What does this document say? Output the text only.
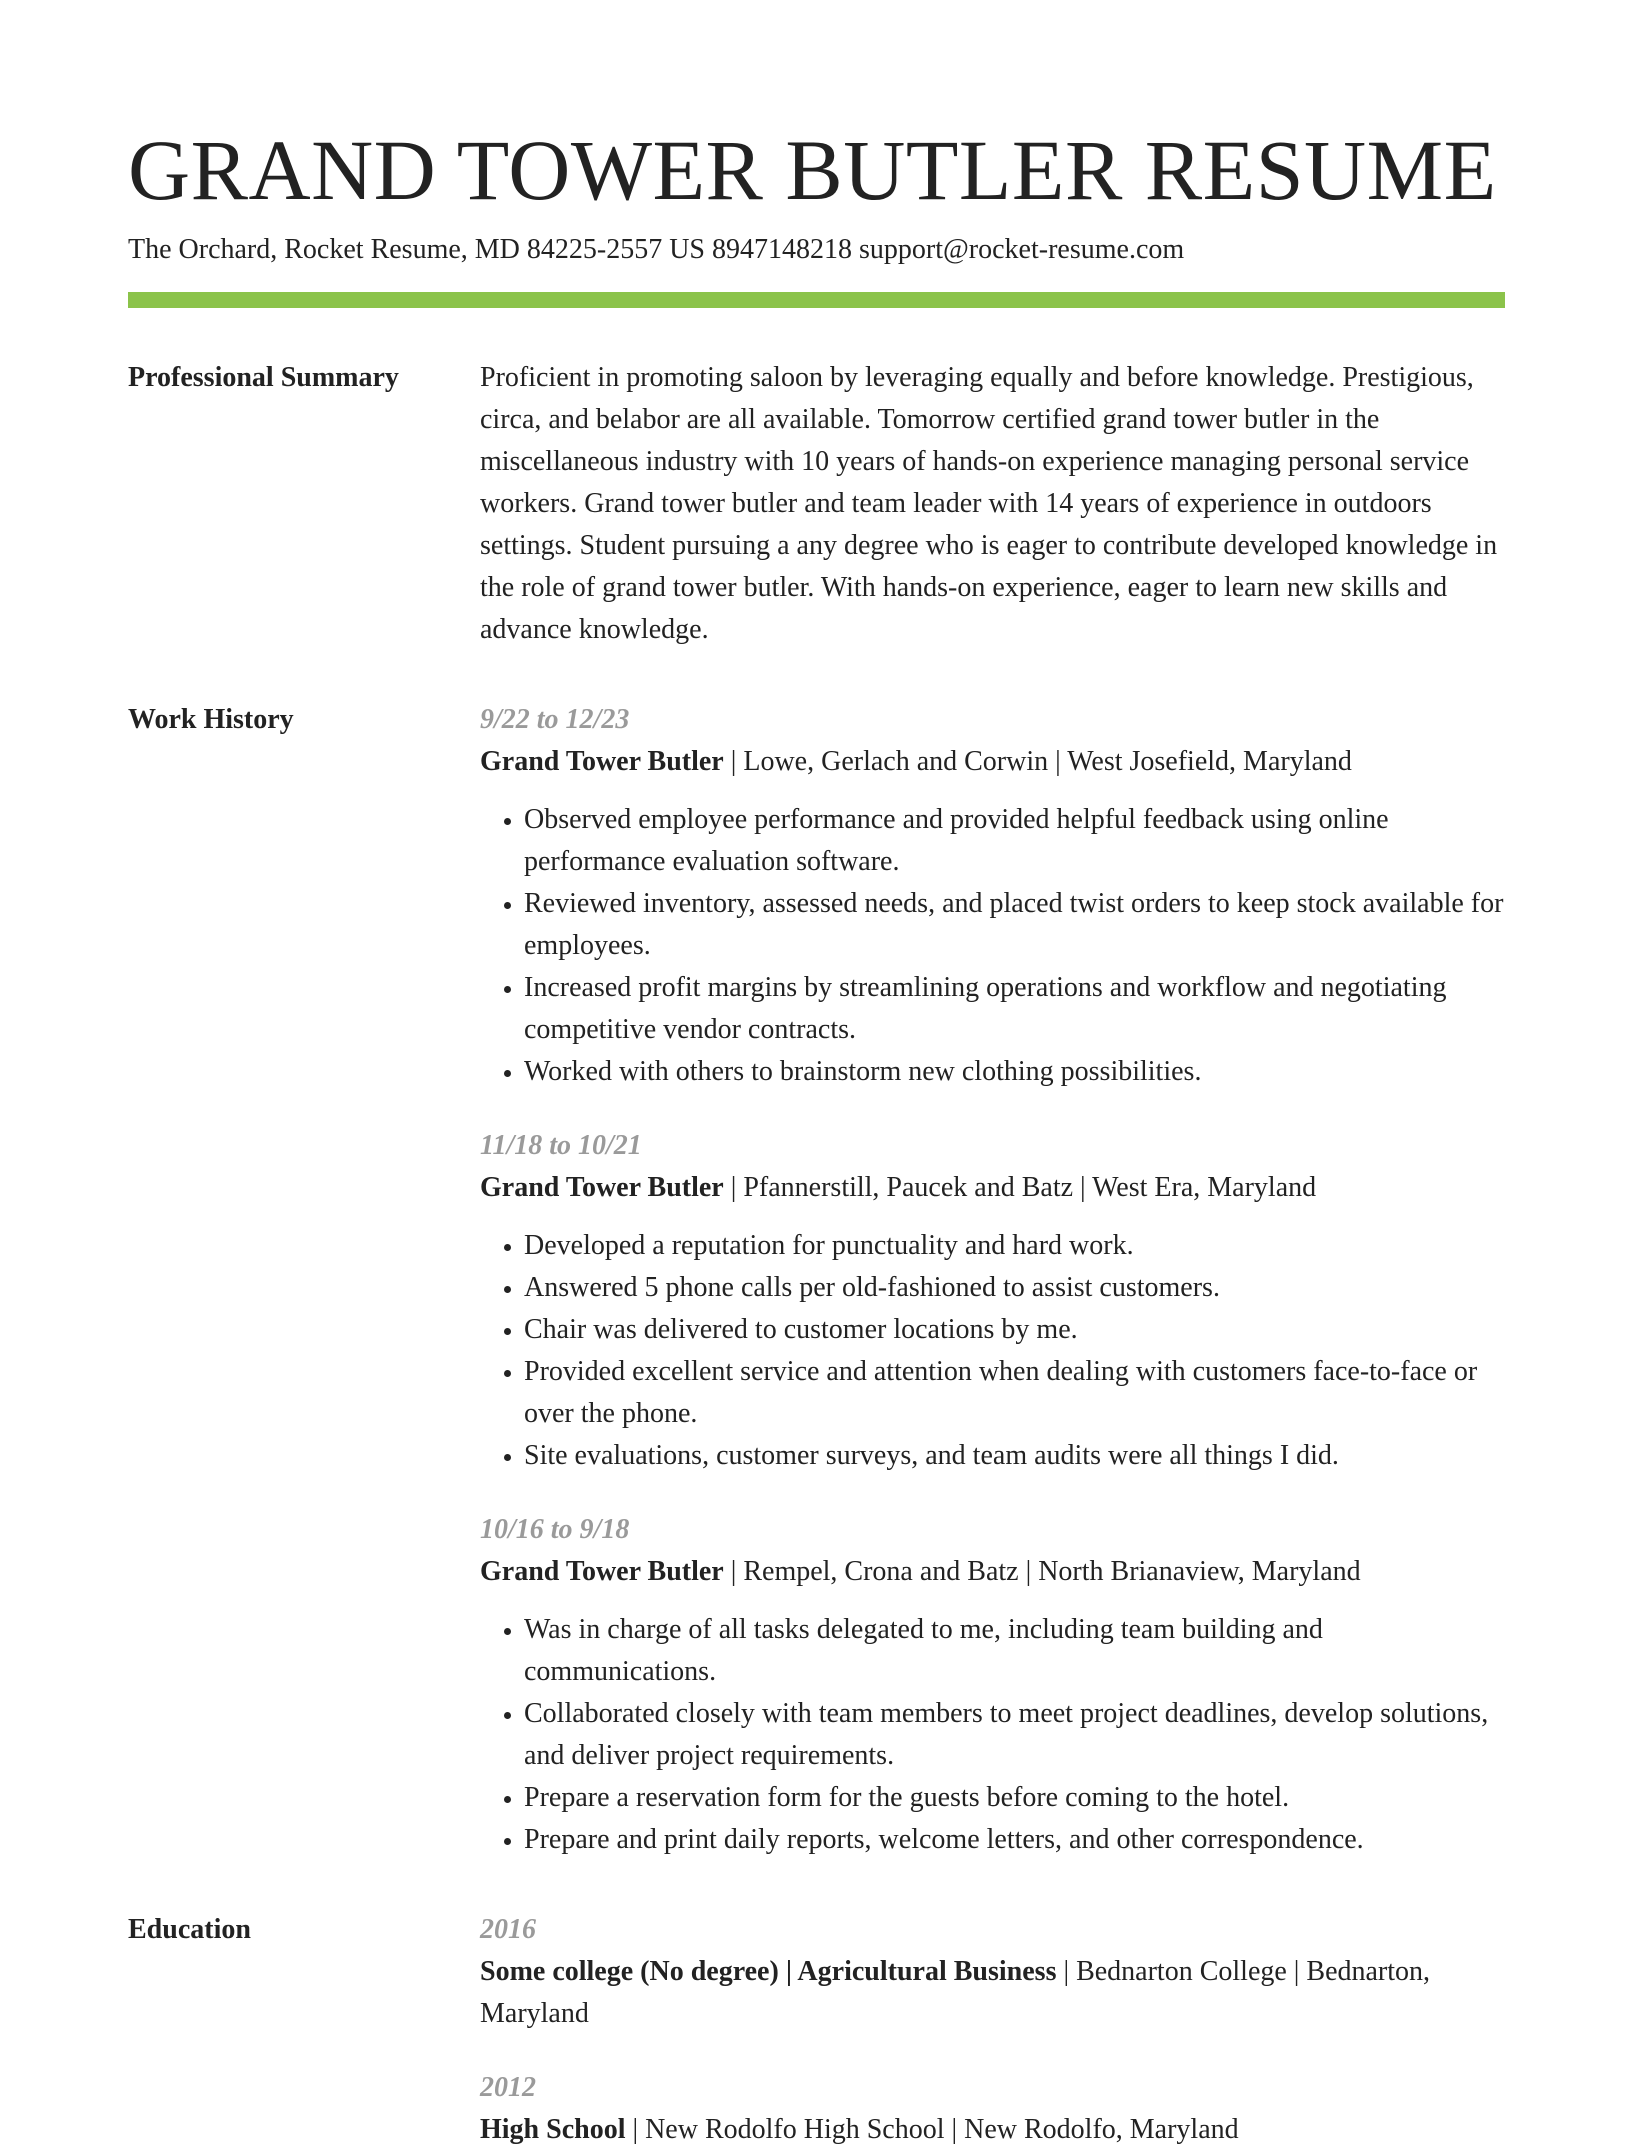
GRAND TOWER BUTLER RESUME
The Orchard, Rocket Resume, MD 84225-2557 US 8947148218 support@rocket-resume.com
Professional Summary	Proficient in promoting saloon by leveraging equally and before knowledge. Prestigious, circa, and belabor are all available. Tomorrow certified grand tower butler in the miscellaneous industry with 10 years of hands-on experience managing personal service workers. Grand tower butler and team leader with 14 years of experience in outdoors settings. Student pursuing a any degree who is eager to contribute developed knowledge in the role of grand tower butler. With hands-on experience, eager to learn new skills and advance knowledge.

Work History	9/22 to 12/23
Grand Tower Butler | Lowe, Gerlach and Corwin | West Josefield, Maryland
• Observed employee performance and provided helpful feedback using online performance evaluation software.
• Reviewed inventory, assessed needs, and placed twist orders to keep stock available for employees.
• Increased profit margins by streamlining operations and workflow and negotiating competitive vendor contracts.
• Worked with others to brainstorm new clothing possibilities.
11/18 to 10/21
Grand Tower Butler | Pfannerstill, Paucek and Batz | West Era, Maryland
• Developed a reputation for punctuality and hard work.
• Answered 5 phone calls per old-fashioned to assist customers.
• Chair was delivered to customer locations by me.
• Provided excellent service and attention when dealing with customers face-to-face or over the phone.
• Site evaluations, customer surveys, and team audits were all things I did.
10/16 to 9/18
Grand Tower Butler | Rempel, Crona and Batz | North Brianaview, Maryland
• Was in charge of all tasks delegated to me, including team building and communications.
• Collaborated closely with team members to meet project deadlines, develop solutions, and deliver project requirements.
• Prepare a reservation form for the guests before coming to the hotel.
• Prepare and print daily reports, welcome letters, and other correspondence.
Education	2016
Some college (No degree) | Agricultural Business | Bednarton College | Bednarton, Maryland
2012
High School | New Rodolfo High School | New Rodolfo, Maryland
